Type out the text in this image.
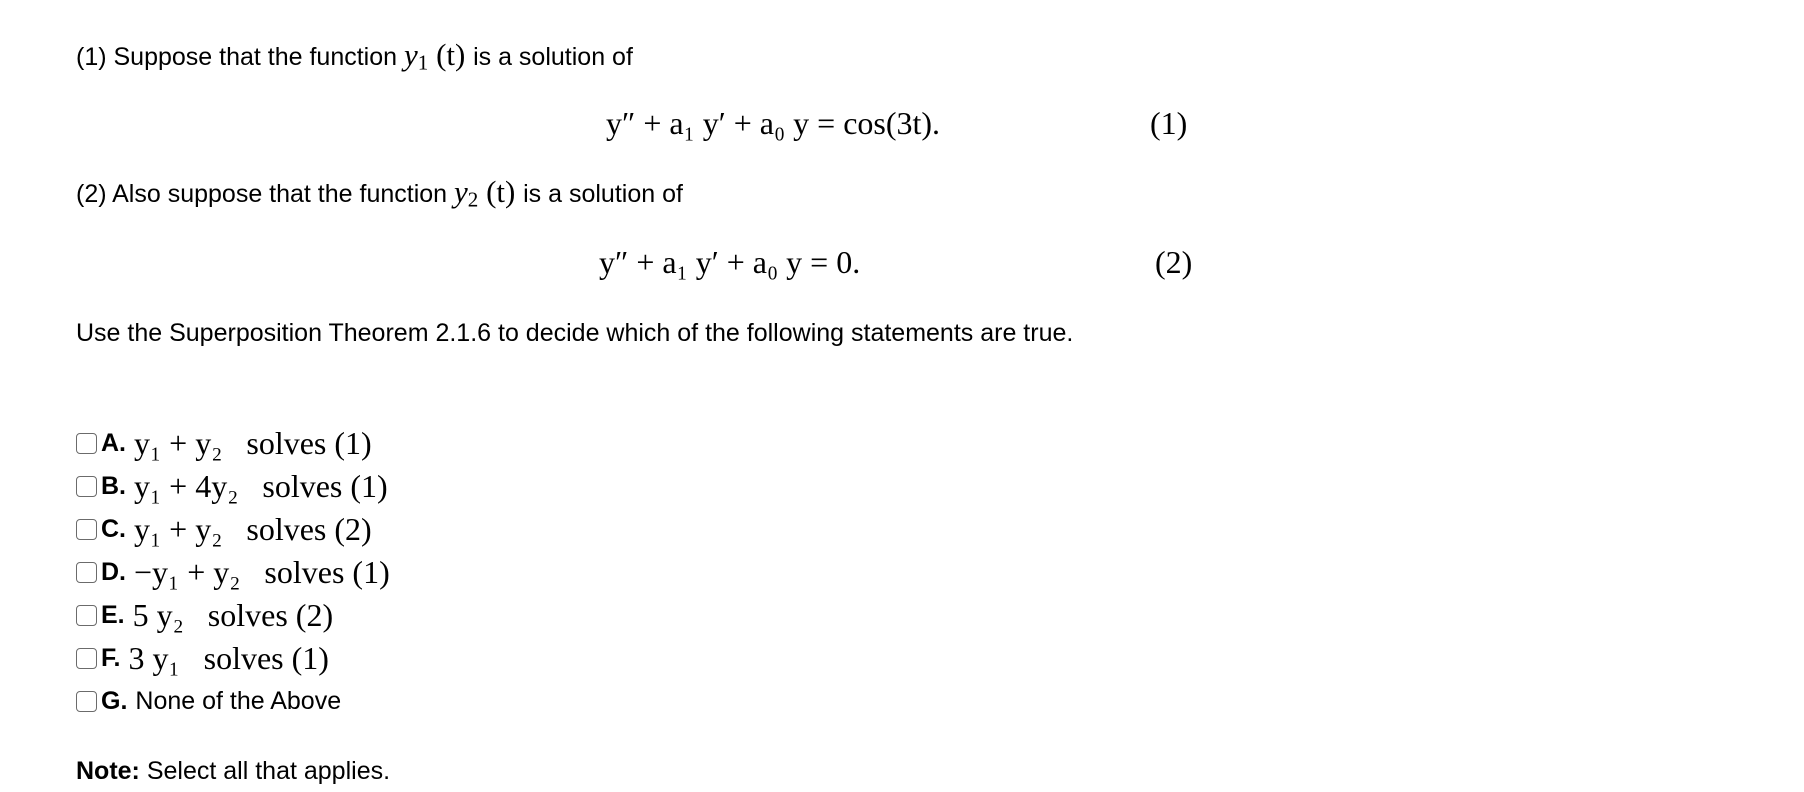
(1) Suppose that the function $y_1$ (t) is a solution of
y″ + a₁ y′ + a₀ y = cos(3t).	(1)
(2) Also suppose that the function $y_2$ (t) is a solution of
y″ + a₁ y′ + a₀ y = 0.	(2)
Use the Superposition Theorem 2.1.6 to decide which of the following statements are true.
A. y₁ + y₂ solves (1)
B. y₁ + 4y₂ solves (1)
C. y₁ + y₂ solves (2)
D. −y₁ + y₂ solves (1)
E. 5 y₂ solves (2)
F. 3 y₁ solves (1)
G. None of the Above
Note: Select all that applies.
